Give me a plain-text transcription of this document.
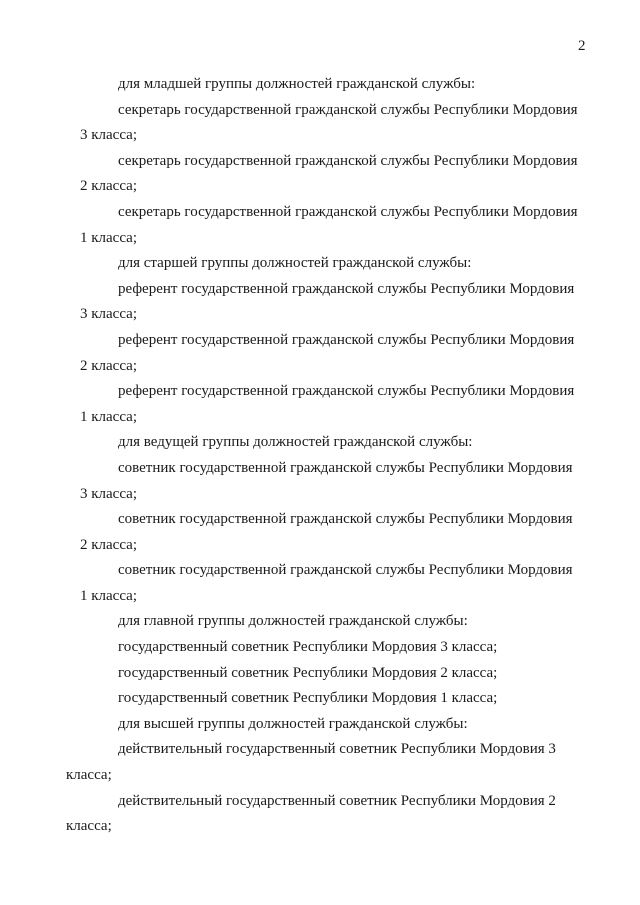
2
для младшей группы должностей гражданской службы:
секретарь государственной гражданской службы Республики Мордовия
3 класса;
секретарь государственной гражданской службы Республики Мордовия
2 класса;
секретарь государственной гражданской службы Республики Мордовия
1 класса;
для старшей группы должностей гражданской службы:
референт государственной гражданской службы Республики Мордовия
3 класса;
референт государственной гражданской службы Республики Мордовия
2 класса;
референт государственной гражданской службы Республики Мордовия
1 класса;
для ведущей группы должностей гражданской службы:
советник государственной гражданской службы Республики Мордовия
3 класса;
советник государственной гражданской службы Республики Мордовия
2 класса;
советник государственной гражданской службы Республики Мордовия
1 класса;
для главной группы должностей гражданской службы:
государственный советник Республики Мордовия 3 класса;
государственный советник Республики Мордовия 2 класса;
государственный советник Республики Мордовия 1 класса;
для высшей группы должностей гражданской службы:
действительный государственный советник Республики Мордовия 3
класса;
действительный государственный советник Республики Мордовия 2
класса;
